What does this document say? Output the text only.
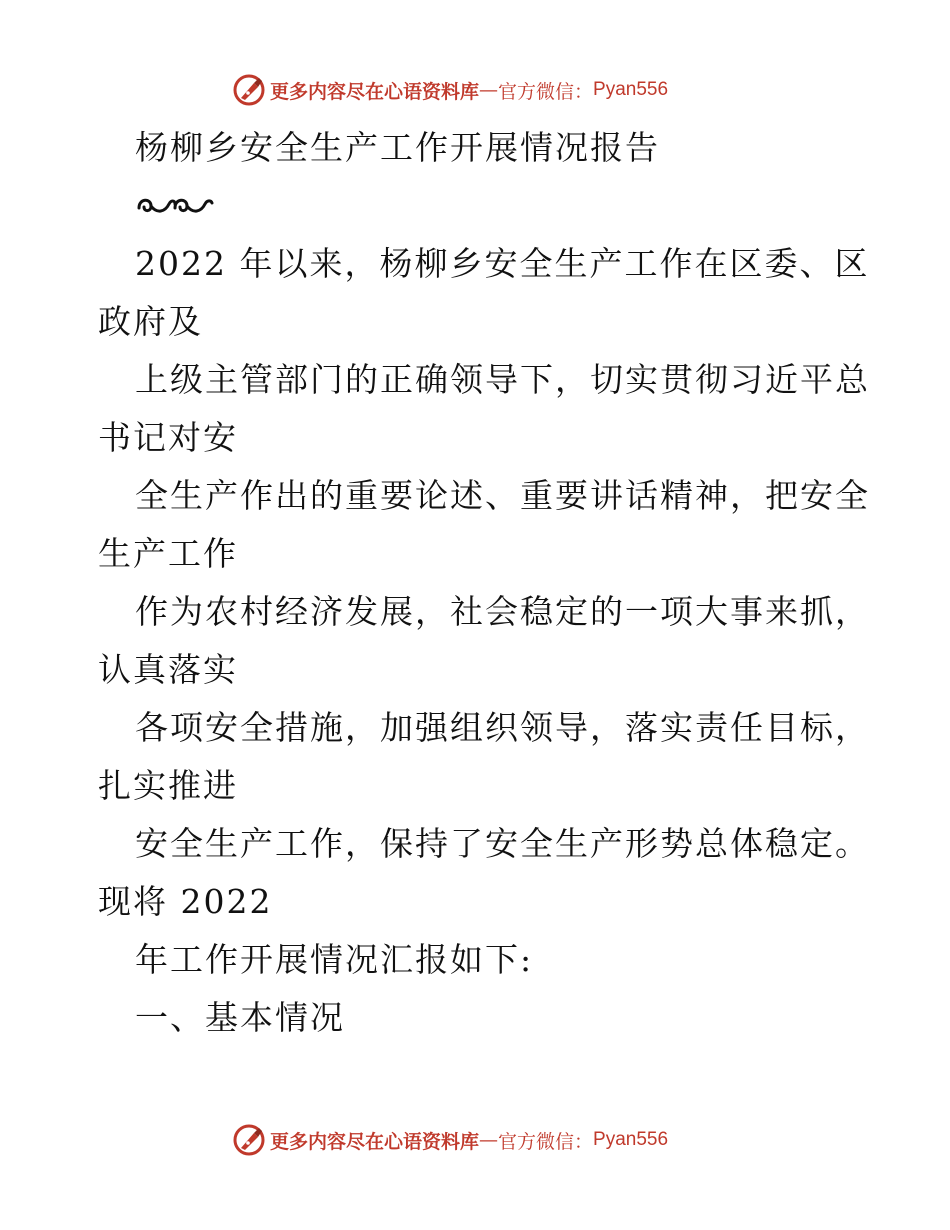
更多内容尽在心语资料库 — 官方微信： Pyan556
杨柳乡安全生产工作开展情况报告
2022 年以来，杨柳乡安全生产工作在区委、区
政府及
上级主管部门的正确领导下，切实贯彻习近平总
书记对安
全生产作出的重要论述、重要讲话精神，把安全
生产工作
作为农村经济发展，社会稳定的一项大事来抓，
认真落实
各项安全措施，加强组织领导，落实责任目标，
扎实推进
安全生产工作，保持了安全生产形势总体稳定。
现将 2022
年工作开展情况汇报如下:
一、基本情况
更多内容尽在心语资料库 — 官方微信： Pyan556
